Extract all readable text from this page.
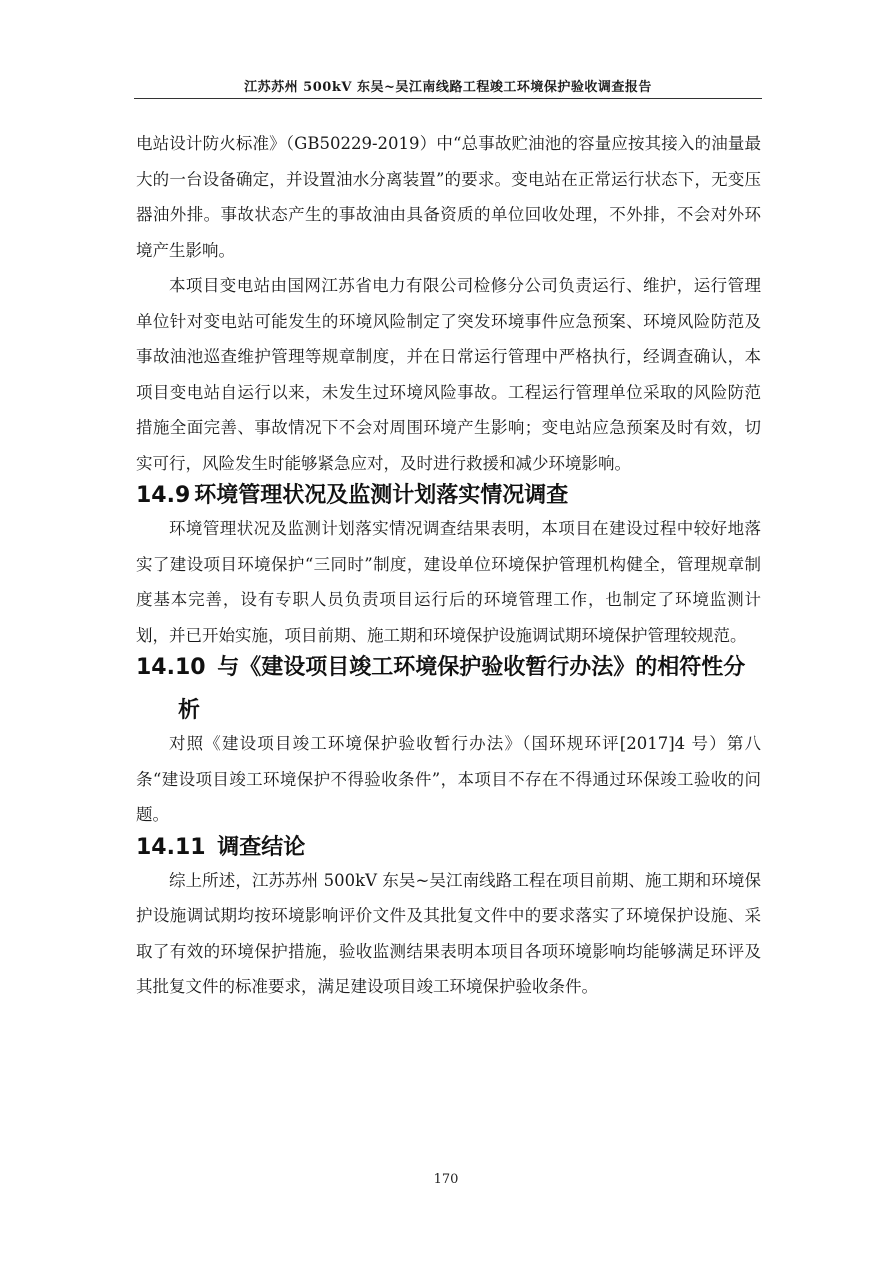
江苏苏州 500kV 东吴~吴江南线路工程竣工环境保护验收调查报告

电站设计防火标准》（GB50229-2019）中“总事故贮油池的容量应按其接入的油量最大的一台设备确定，并设置油水分离装置”的要求。变电站在正常运行状态下，无变压器油外排。事故状态产生的事故油由具备资质的单位回收处理，不外排，不会对外环境产生影响。

本项目变电站由国网江苏省电力有限公司检修分公司负责运行、维护，运行管理单位针对变电站可能发生的环境风险制定了突发环境事件应急预案、环境风险防范及事故油池巡查维护管理等规章制度，并在日常运行管理中严格执行，经调查确认，本项目变电站自运行以来，未发生过环境风险事故。工程运行管理单位采取的风险防范措施全面完善、事故情况下不会对周围环境产生影响；变电站应急预案及时有效，切实可行，风险发生时能够紧急应对，及时进行救援和减少环境影响。

14.9 环境管理状况及监测计划落实情况调查

环境管理状况及监测计划落实情况调查结果表明，本项目在建设过程中较好地落实了建设项目环境保护“三同时”制度，建设单位环境保护管理机构健全，管理规章制度基本完善，设有专职人员负责项目运行后的环境管理工作，也制定了环境监测计划，并已开始实施，项目前期、施工期和环境保护设施调试期环境保护管理较规范。

14.10 与《建设项目竣工环境保护验收暂行办法》的相符性分
析

对照《建设项目竣工环境保护验收暂行办法》（国环规环评[2017]4 号）第八条“建设项目竣工环境保护不得验收条件”，本项目不存在不得通过环保竣工验收的问题。

14.11 调查结论

综上所述，江苏苏州 500kV 东吴~吴江南线路工程在项目前期、施工期和环境保护设施调试期均按环境影响评价文件及其批复文件中的要求落实了环境保护设施、采取了有效的环境保护措施，验收监测结果表明本项目各项环境影响均能够满足环评及其批复文件的标准要求，满足建设项目竣工环境保护验收条件。

170
